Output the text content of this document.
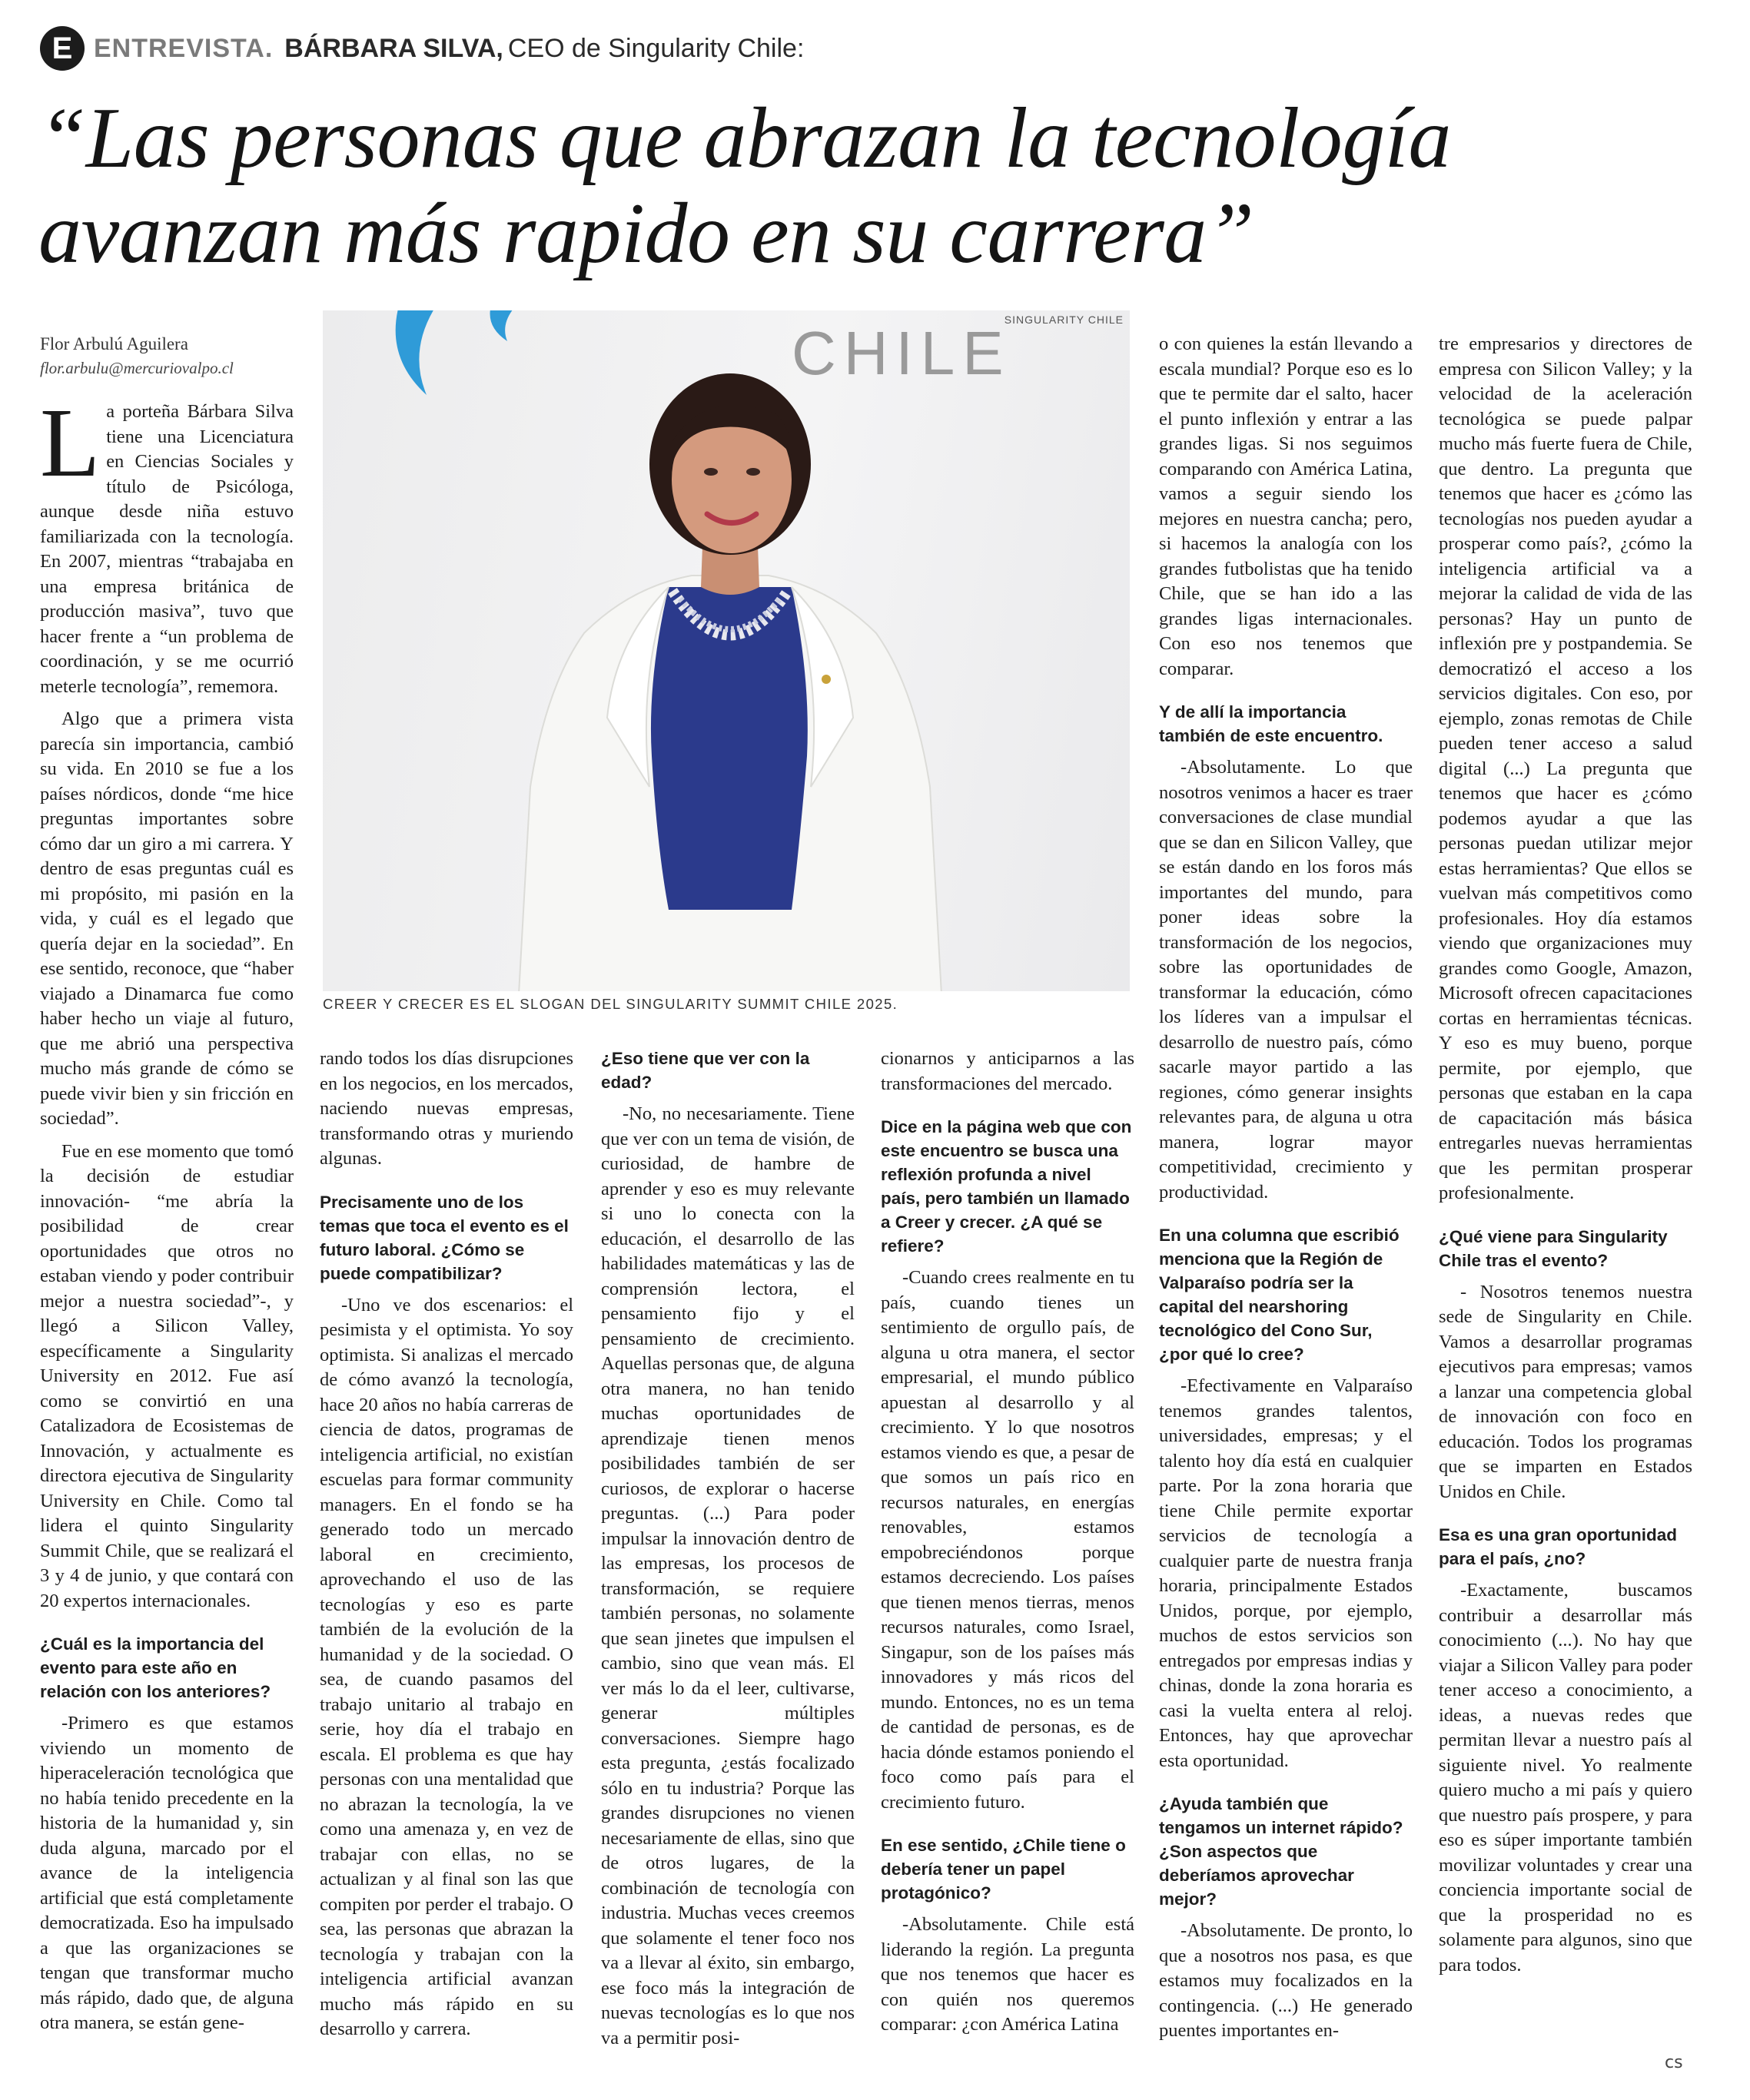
E ENTREVISTA . BÁRBARA SILVA, CEO de Singularity Chile:
“Las personas que abrazan la tecnología avanzan más rapido en su carrera”
Flor Arbulú Aguilera
flor.arbulu@mercuriovalpo.cl	CHILE
SINGULARITY CHILE
CREER Y CRECER ES EL SLOGAN DEL SINGULARITY SUMMIT CHILE 2025.

La porteña Bárbara Silva tiene una Licenciatura en Ciencias Sociales y título de Psicóloga, aunque desde niña estuvo familiarizada con la tecnología. En 2007, mientras “trabajaba en una empresa británica de producción masiva”, tuvo que hacer frente a “un problema de coordinación, y se me ocurrió meterle tecnología”, rememora.

Algo que a primera vista parecía sin importancia, cambió su vida. En 2010 se fue a los países nórdicos, donde “me hice preguntas importantes sobre cómo dar un giro a mi carrera. Y dentro de esas preguntas cuál es mi propósito, mi pasión en la vida, y cuál es el legado que quería dejar en la sociedad”. En ese sentido, reconoce, que “haber viajado a Dinamarca fue como haber hecho un viaje al futuro, que me abrió una perspectiva mucho más grande de cómo se puede vivir bien y sin fricción en sociedad”.

Fue en ese momento que tomó la decisión de estudiar innovación- “me abría la posibilidad de crear oportunidades que otros no estaban viendo y poder contribuir mejor a nuestra sociedad”-, y llegó a Silicon Valley, específicamente a Singularity University en 2012. Fue así como se convirtió en una Catalizadora de Ecosistemas de Innovación, y actualmente es directora ejecutiva de Singularity University en Chile. Como tal lidera el quinto Singularity Summit Chile, que se realizará el 3 y 4 de junio, y que contará con 20 expertos internacionales.

¿Cuál es la importancia del evento para este año en relación con los anteriores?

-Primero es que estamos viviendo un momento de hiperaceleración tecnológica que no había tenido precedente en la historia de la humanidad y, sin duda alguna, marcado por el avance de la inteligencia artificial que está completamente democratizada. Eso ha impulsado a que las organizaciones se tengan que transformar mucho más rápido, dado que, de alguna otra manera, se están gene-

rando todos los días disrupciones en los negocios, en los mercados, naciendo nuevas empresas, transformando otras y muriendo algunas.

Precisamente uno de los temas que toca el evento es el futuro laboral. ¿Cómo se puede compatibilizar?

-Uno ve dos escenarios: el pesimista y el optimista. Yo soy optimista. Si analizas el mercado de cómo avanzó la tecnología, hace 20 años no había carreras de ciencia de datos, programas de inteligencia artificial, no existían escuelas para formar community managers. En el fondo se ha generado todo un mercado laboral en crecimiento, aprovechando el uso de las tecnologías y eso es parte también de la evolución de la humanidad y de la sociedad. O sea, de cuando pasamos del trabajo unitario al trabajo en serie, hoy día el trabajo en escala. El problema es que hay personas con una mentalidad que no abrazan la tecnología, la ve como una amenaza y, en vez de trabajar con ellas, no se actualizan y al final son las que compiten por perder el trabajo. O sea, las personas que abrazan la tecnología y trabajan con la inteligencia artificial avanzan mucho más rápido en su desarrollo y carrera.

¿Eso tiene que ver con la edad?

-No, no necesariamente. Tiene que ver con un tema de visión, de curiosidad, de hambre de aprender y eso es muy relevante si uno lo conecta con la educación, el desarrollo de las habilidades matemáticas y las de comprensión lectora, el pensamiento fijo y el pensamiento de crecimiento. Aquellas personas que, de alguna otra manera, no han tenido muchas oportunidades de aprendizaje tienen menos posibilidades también de ser curiosos, de explorar o hacerse preguntas. (...) Para poder impulsar la innovación dentro de las empresas, los procesos de transformación, se requiere también personas, no solamente que sean jinetes que impulsen el cambio, sino que vean más. El ver más lo da el leer, cultivarse, generar múltiples conversaciones. Siempre hago esta pregunta, ¿estás focalizado sólo en tu industria? Porque las grandes disrupciones no vienen necesariamente de ellas, sino que de otros lugares, de la combinación de tecnología con industria. Muchas veces creemos que solamente el tener foco nos va a llevar al éxito, sin embargo, ese foco más la integración de nuevas tecnologías es lo que nos va a permitir posi-

cionarnos y anticiparnos a las transformaciones del mercado.

Dice en la página web que con este encuentro se busca una reflexión profunda a nivel país, pero también un llamado a Creer y crecer. ¿A qué se refiere?

-Cuando crees realmente en tu país, cuando tienes un sentimiento de orgullo país, de alguna u otra manera, el sector empresarial, el mundo público apuestan al desarrollo y al crecimiento. Y lo que nosotros estamos viendo es que, a pesar de que somos un país rico en recursos naturales, en energías renovables, estamos empobreciéndonos porque estamos decreciendo. Los países que tienen menos tierras, menos recursos naturales, como Israel, Singapur, son de los países más innovadores y más ricos del mundo. Entonces, no es un tema de cantidad de personas, es de hacia dónde estamos poniendo el foco como país para el crecimiento futuro.

En ese sentido, ¿Chile tiene o debería tener un papel protagónico?

-Absolutamente. Chile está liderando la región. La pregunta que nos tenemos que hacer es con quién nos queremos comparar: ¿con América Latina

o con quienes la están llevando a escala mundial? Porque eso es lo que te permite dar el salto, hacer el punto inflexión y entrar a las grandes ligas. Si nos seguimos comparando con América Latina, vamos a seguir siendo los mejores en nuestra cancha; pero, si hacemos la analogía con los grandes futbolistas que ha tenido Chile, que se han ido a las grandes ligas internacionales. Con eso nos tenemos que comparar.

Y de allí la importancia también de este encuentro.

-Absolutamente. Lo que nosotros venimos a hacer es traer conversaciones de clase mundial que se dan en Silicon Valley, que se están dando en los foros más importantes del mundo, para poner ideas sobre la transformación de los negocios, sobre las oportunidades de transformar la educación, cómo los líderes van a impulsar el desarrollo de nuestro país, cómo sacarle mayor partido a las regiones, cómo generar insights relevantes para, de alguna u otra manera, lograr mayor competitividad, crecimiento y productividad.

En una columna que escribió menciona que la Región de Valparaíso podría ser la capital del nearshoring tecnológico del Cono Sur, ¿por qué lo cree?

-Efectivamente en Valparaíso tenemos grandes talentos, universidades, empresas; y el talento hoy día está en cualquier parte. Por la zona horaria que tiene Chile permite exportar servicios de tecnología a cualquier parte de nuestra franja horaria, principalmente Estados Unidos, porque, por ejemplo, muchos de estos servicios son entregados por empresas indias y chinas, donde la zona horaria es casi la vuelta entera al reloj. Entonces, hay que aprovechar esta oportunidad.

¿Ayuda también que tengamos un internet rápido? ¿Son aspectos que deberíamos aprovechar mejor?

-Absolutamente. De pronto, lo que a nosotros nos pasa, es que estamos muy focalizados en la contingencia. (...) He generado puentes importantes en-

tre empresarios y directores de empresa con Silicon Valley; y la velocidad de la aceleración tecnológica se puede palpar mucho más fuerte fuera de Chile, que dentro. La pregunta que tenemos que hacer es ¿cómo las tecnologías nos pueden ayudar a prosperar como país?, ¿cómo la inteligencia artificial va a mejorar la calidad de vida de las personas? Hay un punto de inflexión pre y postpandemia. Se democratizó el acceso a los servicios digitales. Con eso, por ejemplo, zonas remotas de Chile pueden tener acceso a salud digital (...) La pregunta que tenemos que hacer es ¿cómo podemos ayudar a que las personas puedan utilizar mejor estas herramientas? Que ellos se vuelvan más competitivos como profesionales. Hoy día estamos viendo que organizaciones muy grandes como Google, Amazon, Microsoft ofrecen capacitaciones cortas en herramientas técnicas. Y eso es muy bueno, porque permite, por ejemplo, que personas que estaban en la capa de capacitación más básica entregarles nuevas herramientas que les permitan prosperar profesionalmente.

¿Qué viene para Singularity Chile tras el evento?

- Nosotros tenemos nuestra sede de Singularity en Chile. Vamos a desarrollar programas ejecutivos para empresas; vamos a lanzar una competencia global de innovación con foco en educación. Todos los programas que se imparten en Estados Unidos en Chile.

Esa es una gran oportunidad para el país, ¿no?

-Exactamente, buscamos contribuir a desarrollar más conocimiento (...). No hay que viajar a Silicon Valley para poder tener acceso a conocimiento, a ideas, a nuevas redes que permitan llevar a nuestro país al siguiente nivel. Yo realmente quiero mucho a mi país y quiero que nuestro país prospere, y para eso es súper importante también movilizar voluntades y crear una conciencia importante social de que la prosperidad no es solamente para algunos, sino que para todos.

cs
